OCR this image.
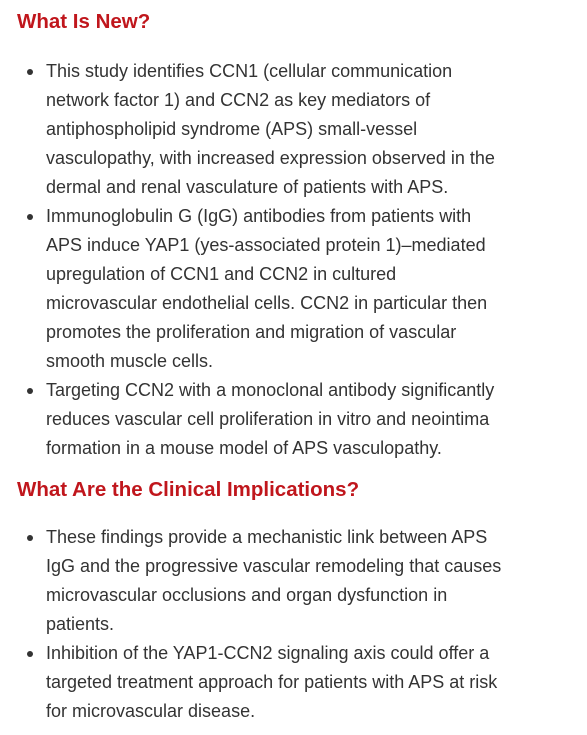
What Is New?
This study identifies CCN1 (cellular communication
network factor 1) and CCN2 as key mediators of
antiphospholipid syndrome (APS) small-vessel
vasculopathy, with increased expression observed in the
dermal and renal vasculature of patients with APS.
Immunoglobulin G (IgG) antibodies from patients with
APS induce YAP1 (yes-associated protein 1)–mediated
upregulation of CCN1 and CCN2 in cultured
microvascular endothelial cells. CCN2 in particular then
promotes the proliferation and migration of vascular
smooth muscle cells.
Targeting CCN2 with a monoclonal antibody significantly
reduces vascular cell proliferation in vitro and neointima
formation in a mouse model of APS vasculopathy.
What Are the Clinical Implications?
These findings provide a mechanistic link between APS
IgG and the progressive vascular remodeling that causes
microvascular occlusions and organ dysfunction in
patients.
Inhibition of the YAP1-CCN2 signaling axis could offer a
targeted treatment approach for patients with APS at risk
for microvascular disease.
